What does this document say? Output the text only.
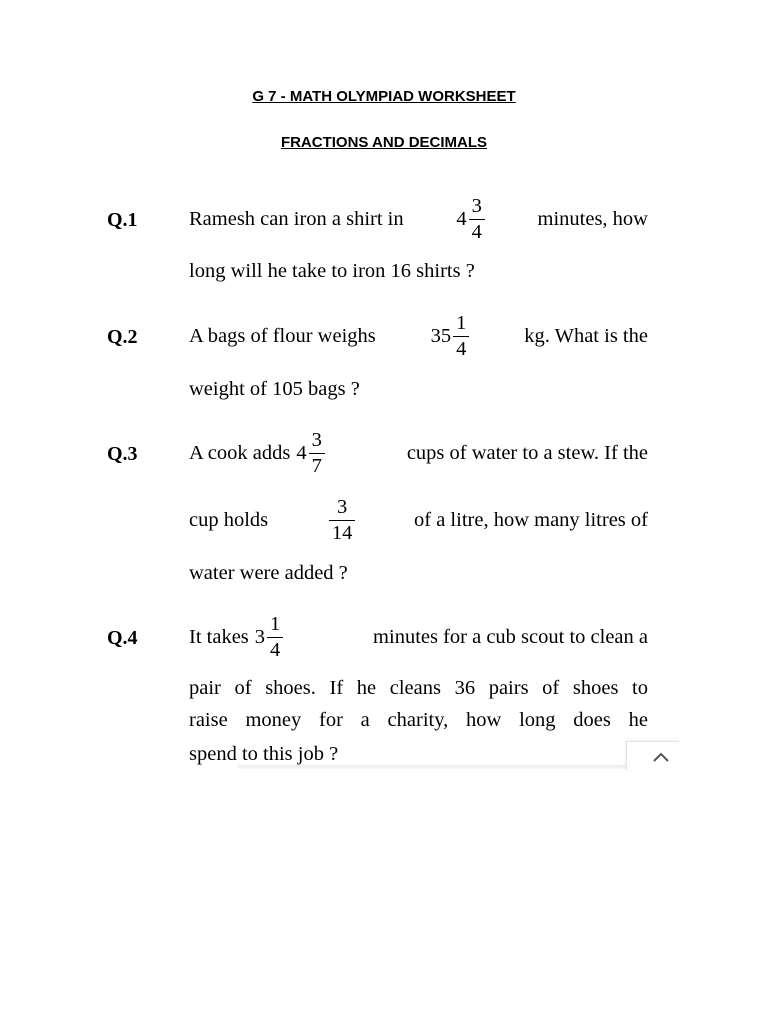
G 7 - MATH OLYMPIAD WORKSHEET

FRACTIONS AND DECIMALS

Q.1	Ramesh can iron a shirt in	$4 \frac{3}{4}$	minutes, how
long will he take to iron 16 shirts ?

Q.2	A bags of flour weighs	$35 \frac{1}{4}$	kg. What is the
weight of 105 bags ?

Q.3	A cook adds $4 \frac{3}{7}$	cups of water to a stew. If the
cup holds	$\frac{3}{14}$	of a litre, how many litres of
water were added ?

Q.4	It takes $3 \frac{1}{4}$	minutes for a cub scout to clean a
pair of shoes. If he cleans 36 pairs of shoes to
raise money for a charity, how long does he
spend to this job ?
